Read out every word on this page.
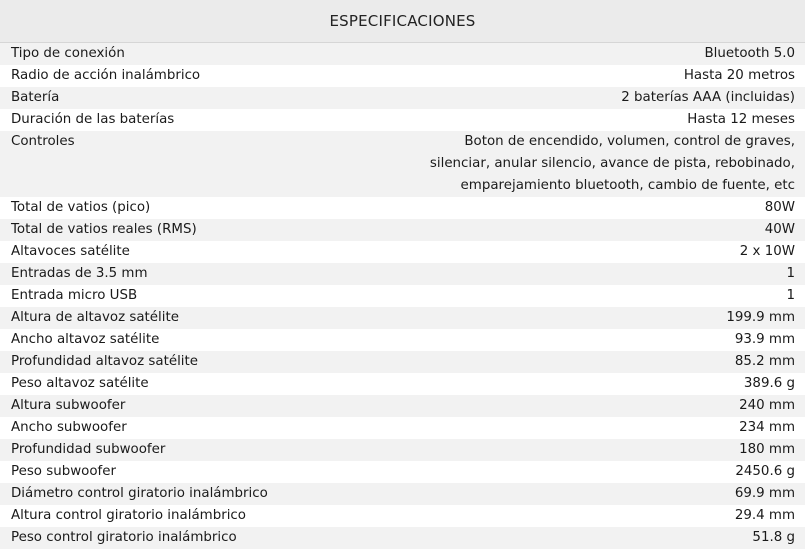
ESPECIFICACIONES
Tipo de conexión	Bluetooth 5.0

Radio de acción inalámbrico	Hasta 20 metros

Batería	2 baterías AAA (incluidas)

Duración de las baterías	Hasta 12 meses

Controles	Boton de encendido, volumen, control de graves,
silenciar, anular silencio, avance de pista, rebobinado,
emparejamiento bluetooth, cambio de fuente, etc

Total de vatios (pico)	80W

Total de vatios reales (RMS)	40W

Altavoces satélite	2 x 10W

Entradas de 3.5 mm	1

Entrada micro USB	1

Altura de altavoz satélite	199.9 mm

Ancho altavoz satélite	93.9 mm

Profundidad altavoz satélite	85.2 mm

Peso altavoz satélite	389.6 g

Altura subwoofer	240 mm

Ancho subwoofer	234 mm

Profundidad subwoofer	180 mm

Peso subwoofer	2450.6 g

Diámetro control giratorio inalámbrico	69.9 mm

Altura control giratorio inalámbrico	29.4 mm

Peso control giratorio inalámbrico	51.8 g
